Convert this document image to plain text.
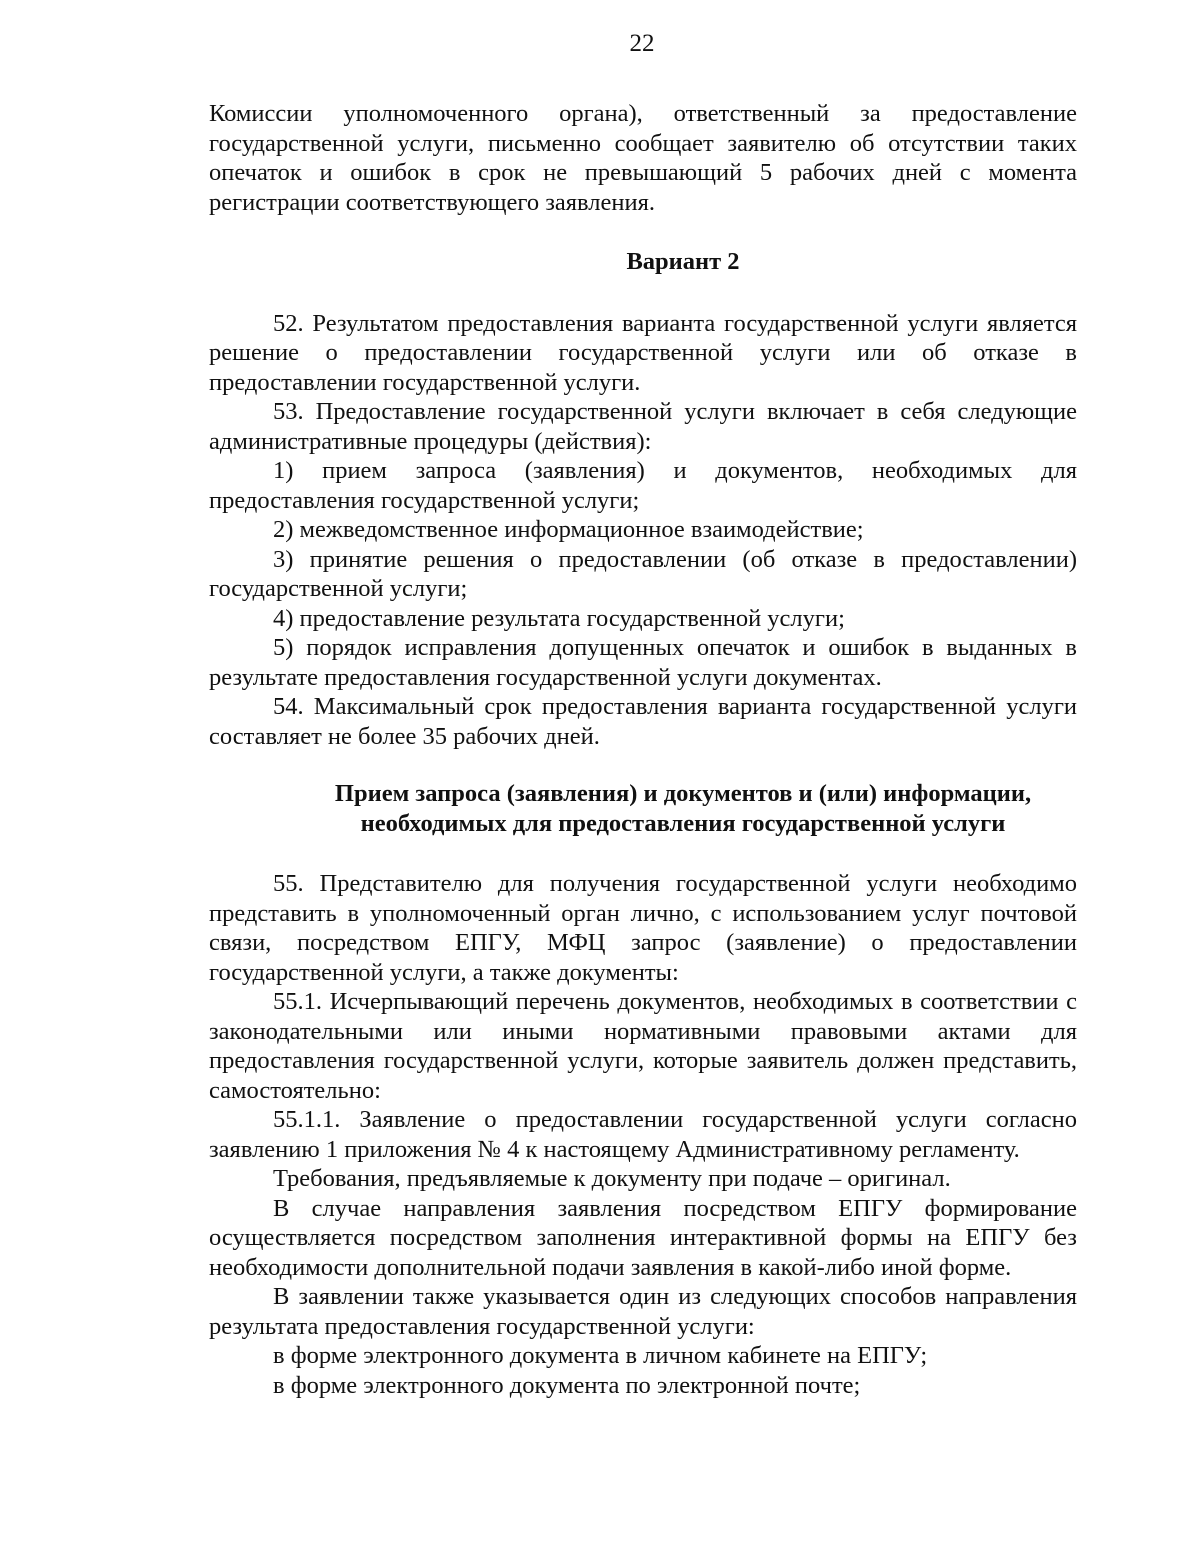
22

Комиссии уполномоченного органа), ответственный за предоставление государственной услуги, письменно сообщает заявителю об отсутствии таких опечаток и ошибок в срок не превышающий 5 рабочих дней с момента регистрации соответствующего заявления.

Вариант 2

52. Результатом предоставления варианта государственной услуги является решение о предоставлении государственной услуги или об отказе в предоставлении государственной услуги.

53. Предоставление государственной услуги включает в себя следующие административные процедуры (действия):

1) прием запроса (заявления) и документов, необходимых для предоставления государственной услуги;

2) межведомственное информационное взаимодействие;

3) принятие решения о предоставлении (об отказе в предоставлении) государственной услуги;

4) предоставление результата государственной услуги;

5) порядок исправления допущенных опечаток и ошибок в выданных в результате предоставления государственной услуги документах.

54. Максимальный срок предоставления варианта государственной услуги составляет не более 35 рабочих дней.

Прием запроса (заявления) и документов и (или) информации, необходимых для предоставления государственной услуги

55. Представителю для получения государственной услуги необходимо представить в уполномоченный орган лично, с использованием услуг почтовой связи, посредством ЕПГУ, МФЦ запрос (заявление) о предоставлении государственной услуги, а также документы:

55.1. Исчерпывающий перечень документов, необходимых в соответствии с законодательными или иными нормативными правовыми актами для предоставления государственной услуги, которые заявитель должен представить, самостоятельно:

55.1.1. Заявление о предоставлении государственной услуги согласно заявлению 1 приложения № 4 к настоящему Административному регламенту.

Требования, предъявляемые к документу при подаче – оригинал.

В случае направления заявления посредством ЕПГУ формирование осуществляется посредством заполнения интерактивной формы на ЕПГУ без необходимости дополнительной подачи заявления в какой-либо иной форме.

В заявлении также указывается один из следующих способов направления результата предоставления государственной услуги:

в форме электронного документа в личном кабинете на ЕПГУ;

в форме электронного документа по электронной почте;
